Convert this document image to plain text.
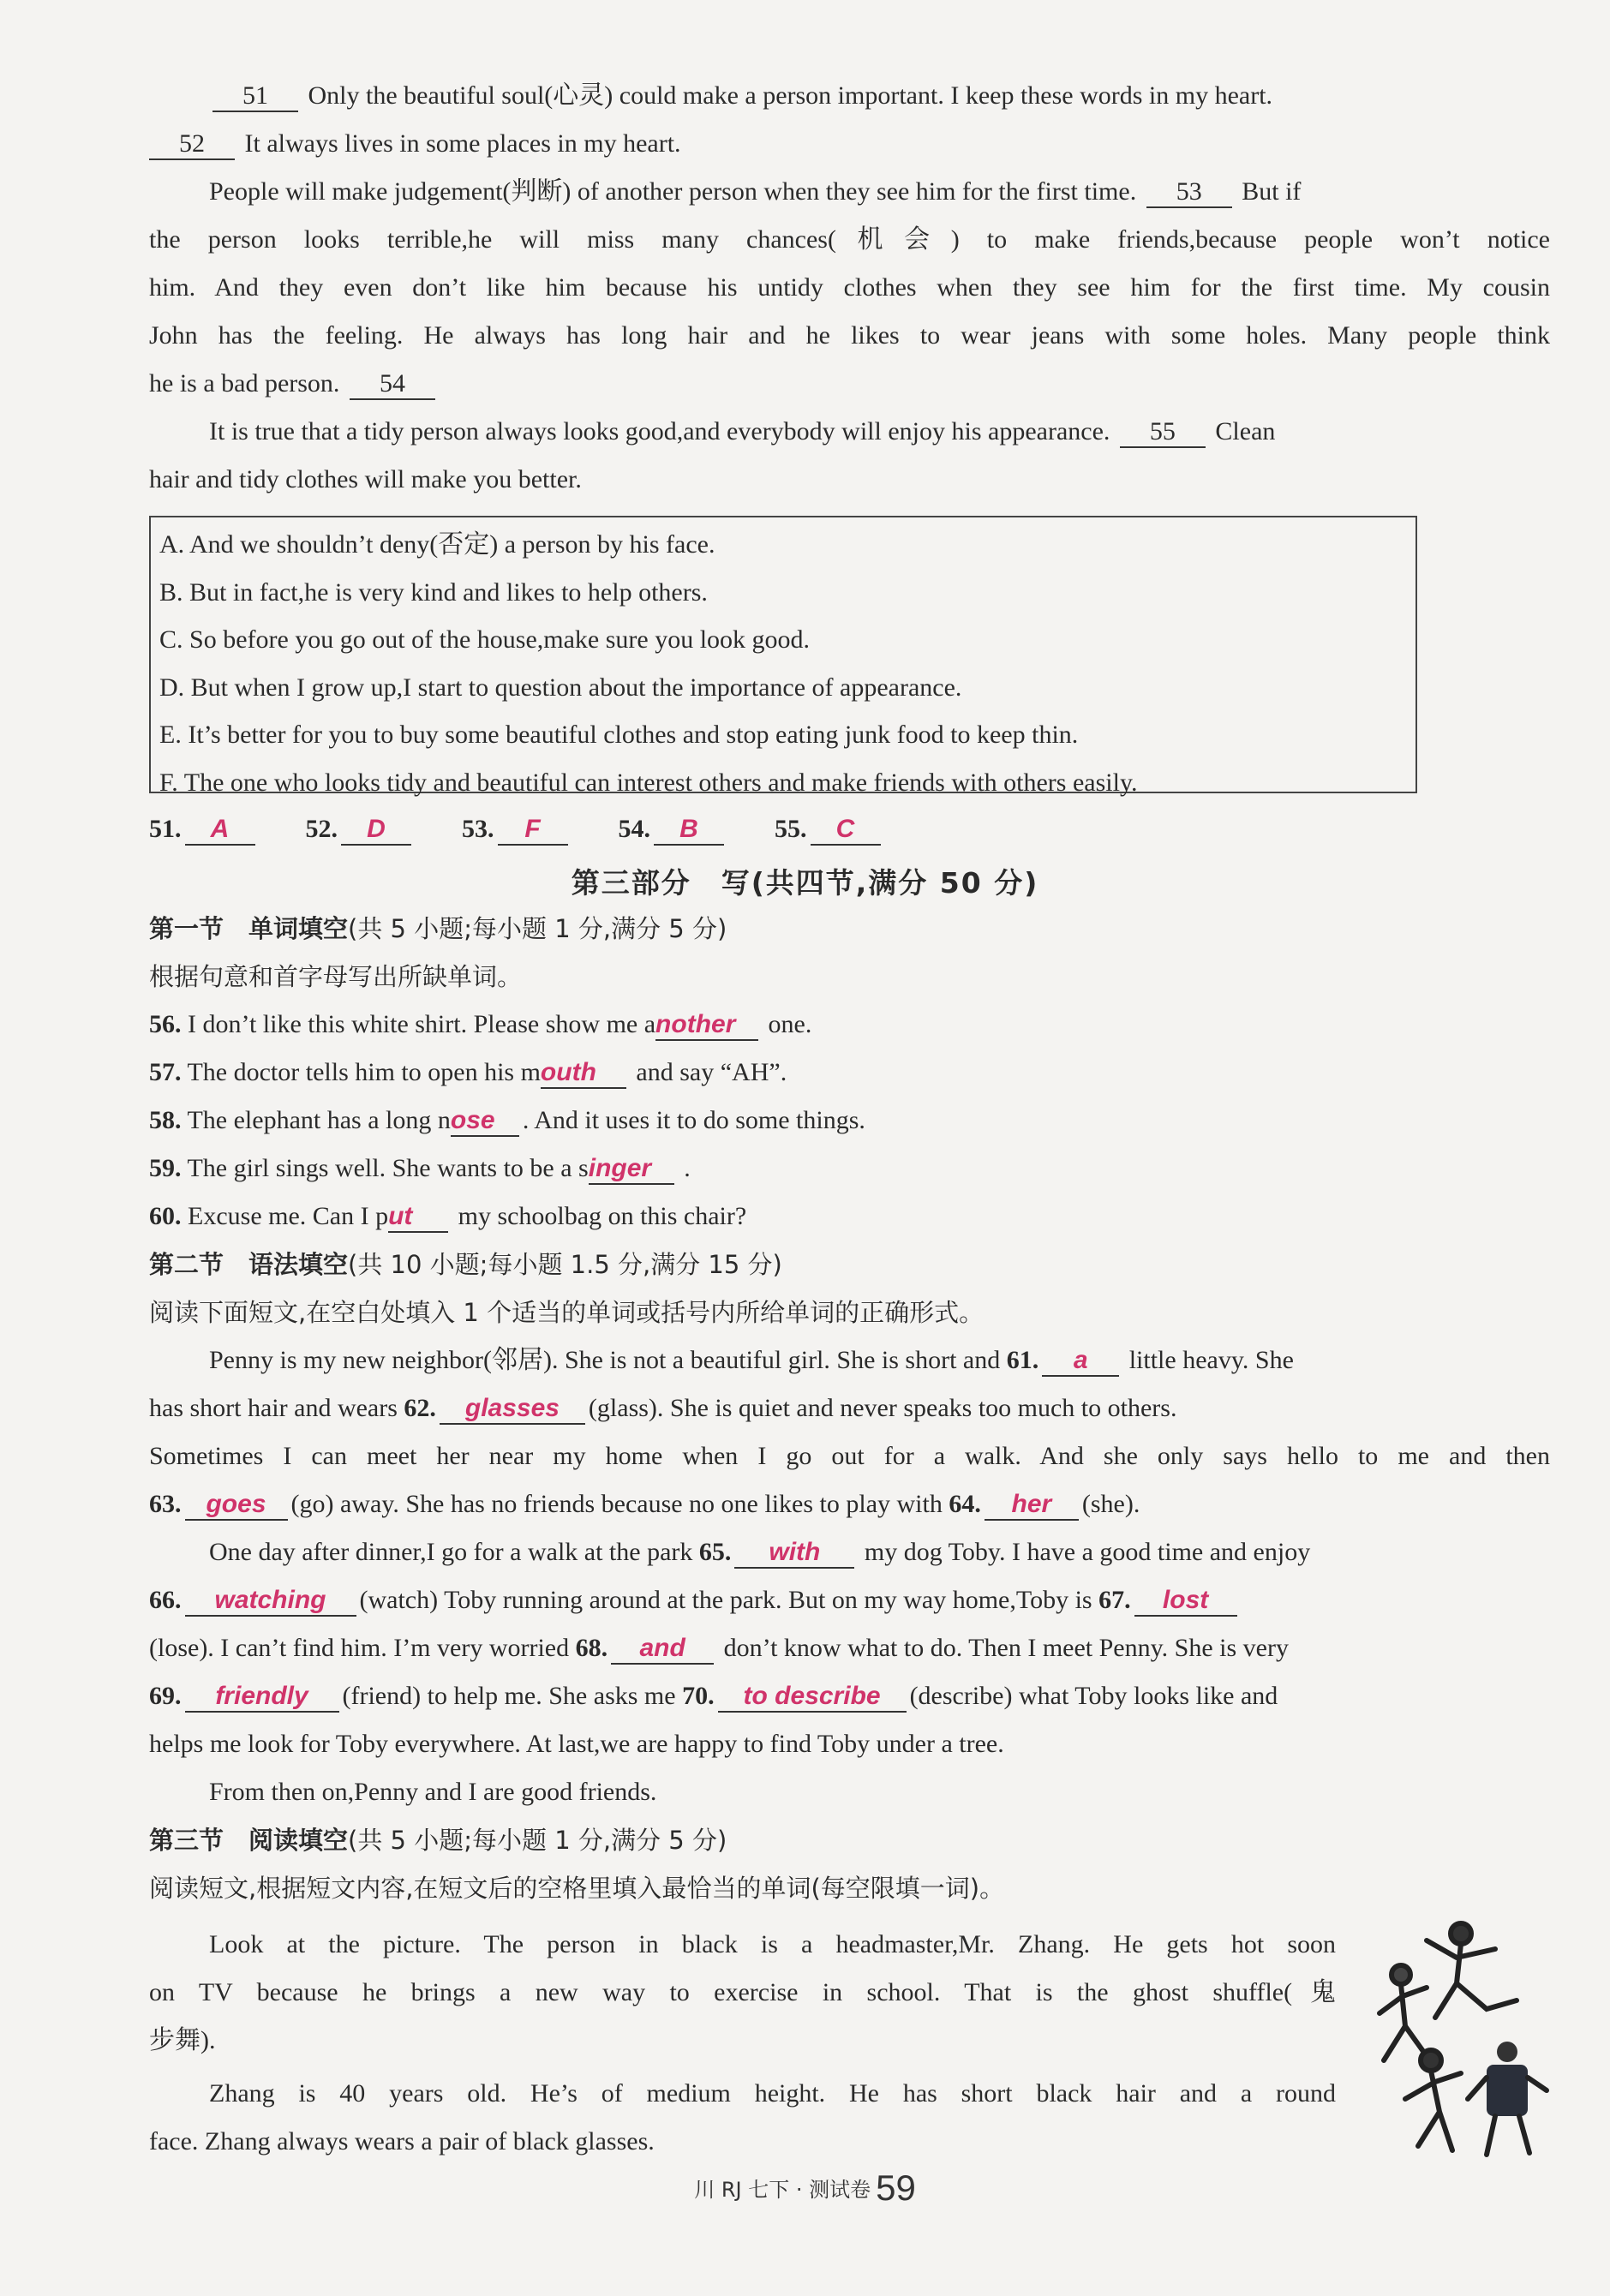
51 Only the beautiful soul(心灵) could make a person important. I keep these words in my heart.
52 It always lives in some places in my heart.
People will make judgement(判断) of another person when they see him for the first time. 53 But if
the person looks terrible,he will miss many chances(机会) to make friends,because people won’t notice
him. And they even don’t like him because his untidy clothes when they see him for the first time. My cousin
John has the feeling. He always has long hair and he likes to wear jeans with some holes. Many people think
he is a bad person. 54
It is true that a tidy person always looks good,and everybody will enjoy his appearance. 55 Clean
hair and tidy clothes will make you better.
A. And we shouldn’t deny(否定) a person by his face.
B. But in fact,he is very kind and likes to help others.
C. So before you go out of the house,make sure you look good.
D. But when I grow up,I start to question about the importance of appearance.
E. It’s better for you to buy some beautiful clothes and stop eating junk food to keep thin.
F. The one who looks tidy and beautiful can interest others and make friends with others easily.
51. A	52. D	53. F	54. B	55. C
第三部分　写(共四节,满分 50 分)
第一节　单词填空(共 5 小题;每小题 1 分,满分 5 分)
根据句意和首字母写出所缺单词。
56. I don’t like this white shirt. Please show me another one.
57. The doctor tells him to open his mouth and say “AH”.
58. The elephant has a long nose . And it uses it to do some things.
59. The girl sings well. She wants to be a singer .
60. Excuse me. Can I put my schoolbag on this chair?
第二节　语法填空(共 10 小题;每小题 1.5 分,满分 15 分)
阅读下面短文,在空白处填入 1 个适当的单词或括号内所给单词的正确形式。
Penny is my new neighbor(邻居). She is not a beautiful girl. She is short and 61. a little heavy. She
has short hair and wears 62. glasses (glass). She is quiet and never speaks too much to others.
Sometimes I can meet her near my home when I go out for a walk. And she only says hello to me and then
63. goes (go) away. She has no friends because no one likes to play with 64. her (she).
One day after dinner,I go for a walk at the park 65. with my dog Toby. I have a good time and enjoy
66. watching (watch) Toby running around at the park. But on my way home,Toby is 67. lost
(lose). I can’t find him. I’m very worried 68. and don’t know what to do. Then I meet Penny. She is very
69. friendly (friend) to help me. She asks me 70. to describe (describe) what Toby looks like and
helps me look for Toby everywhere. At last,we are happy to find Toby under a tree.
From then on,Penny and I are good friends.
第三节　阅读填空(共 5 小题;每小题 1 分,满分 5 分)
阅读短文,根据短文内容,在短文后的空格里填入最恰当的单词(每空限填一词)。
Look at the picture. The person in black is a headmaster,Mr. Zhang. He gets hot soon
on TV because he brings a new way to exercise in school. That is the ghost shuffle(鬼
步舞).
Zhang is 40 years old. He’s of medium height. He has short black hair and a round
face. Zhang always wears a pair of black glasses.
川 RJ 七下 · 测试卷 59
